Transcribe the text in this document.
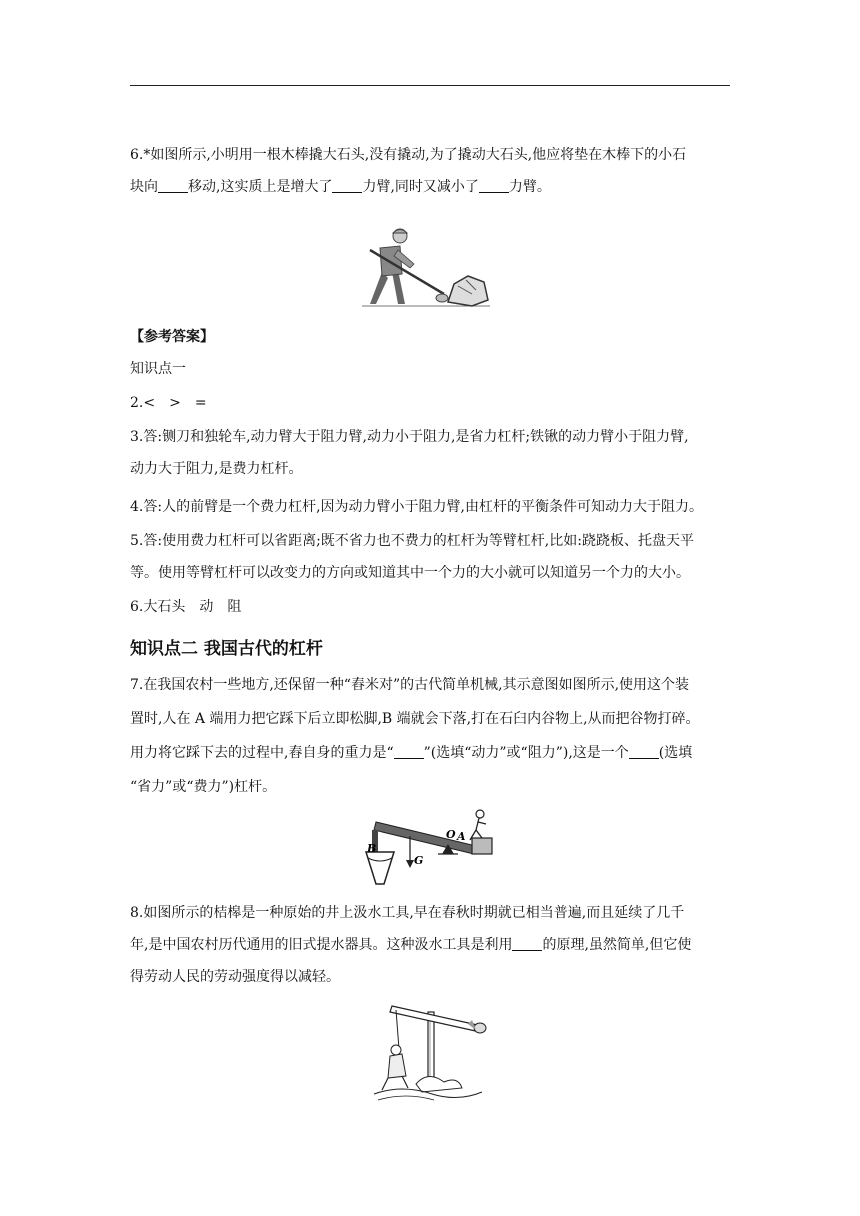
6.*如图所示,小明用一根木棒撬大石头,没有撬动,为了撬动大石头,他应将垫在木棒下的小石

块向 移动,这实质上是增大了 力臂,同时又减小了 力臂。

【参考答案】

知识点一

2.<　>　=

3.答:铡刀和独轮车,动力臂大于阻力臂,动力小于阻力,是省力杠杆;铁锹的动力臂小于阻力臂,

动力大于阻力,是费力杠杆。

4.答:人的前臂是一个费力杠杆,因为动力臂小于阻力臂,由杠杆的平衡条件可知动力大于阻力。

5.答:使用费力杠杆可以省距离;既不省力也不费力的杠杆为等臂杠杆,比如:跷跷板、托盘天平

等。使用等臂杠杆可以改变力的方向或知道其中一个力的大小就可以知道另一个力的大小。

6.大石头　动　阻

知识点二 我国古代的杠杆

7.在我国农村一些地方,还保留一种“舂米对”的古代简单机械,其示意图如图所示,使用这个装

置时,人在 A 端用力把它踩下后立即松脚,B 端就会下落,打在石臼内谷物上,从而把谷物打碎。

用力将它踩下去的过程中,舂自身的重力是“ ”(选填“动力”或“阻力”),这是一个 (选填

“省力”或“费力”)杠杆。

B
G
O A

8.如图所示的桔槔是一种原始的井上汲水工具,早在春秋时期就已相当普遍,而且延续了几千

年,是中国农村历代通用的旧式提水器具。这种汲水工具是利用 的原理,虽然简单,但它使

得劳动人民的劳动强度得以减轻。
